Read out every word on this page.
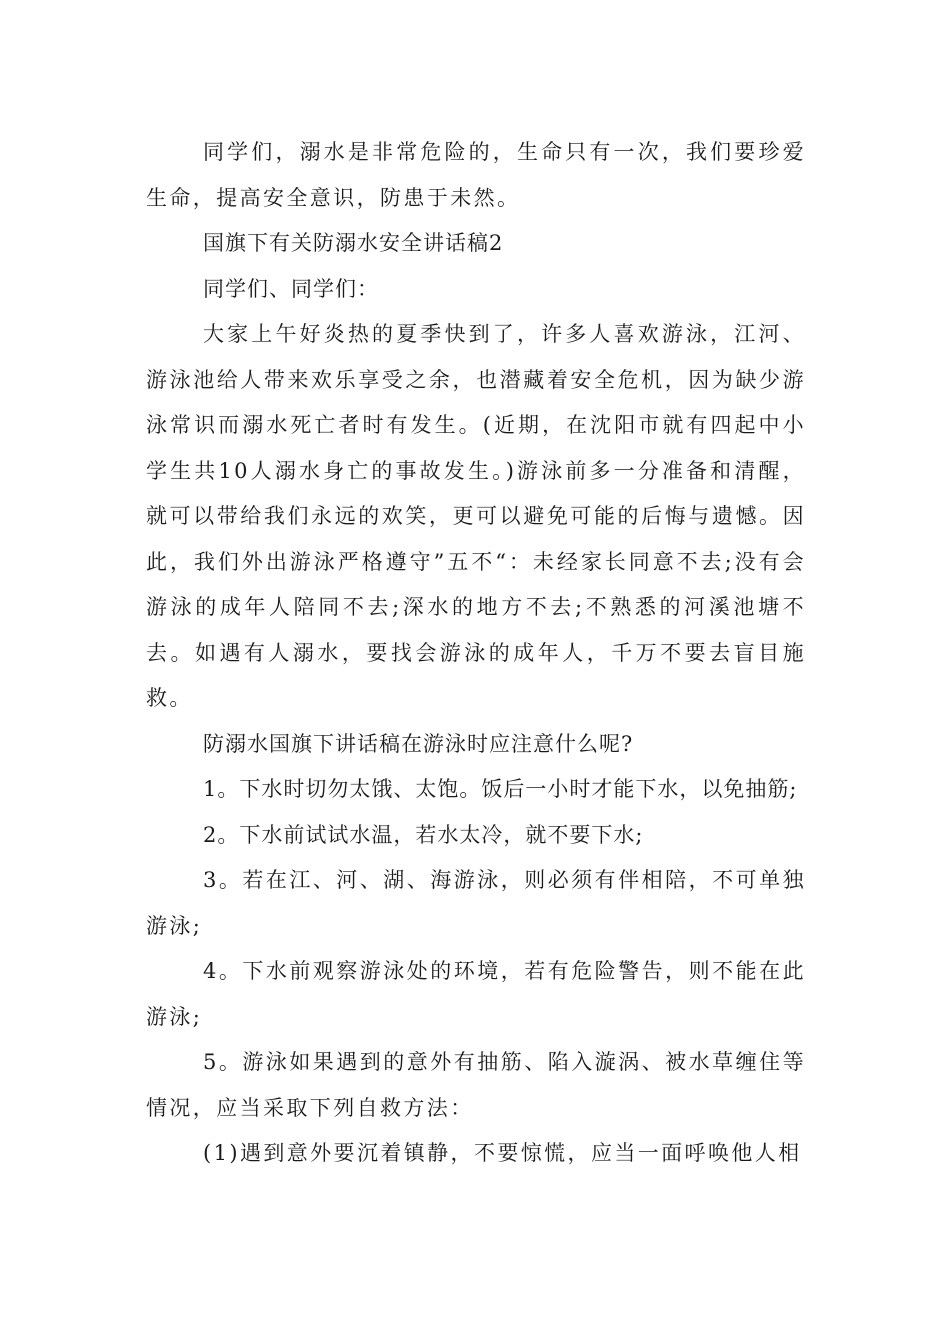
同学们，溺水是非常危险的，生命只有一次，我们要珍爱生命，提高安全意识，防患于未然。

国旗下有关防溺水安全讲话稿2

同学们、同学们：

大家上午好炎热的夏季快到了，许多人喜欢游泳，江河、游泳池给人带来欢乐享受之余，也潜藏着安全危机，因为缺少游泳常识而溺水死亡者时有发生。(近期，在沈阳市就有四起中小学生共10人溺水身亡的事故发生。)游泳前多一分准备和清醒，就可以带给我们永远的欢笑，更可以避免可能的后悔与遗憾。因此，我们外出游泳严格遵守”五不“：未经家长同意不去;没有会游泳的成年人陪同不去;深水的地方不去;不熟悉的河溪池塘不去。如遇有人溺水，要找会游泳的成年人，千万不要去盲目施救。

防溺水国旗下讲话稿在游泳时应注意什么呢?

1。下水时切勿太饿、太饱。饭后一小时才能下水，以免抽筋;

2。下水前试试水温，若水太冷，就不要下水;

3。若在江、河、湖、海游泳，则必须有伴相陪，不可单独游泳;

4。下水前观察游泳处的环境，若有危险警告，则不能在此游泳;

5。游泳如果遇到的意外有抽筋、陷入漩涡、被水草缠住等情况，应当采取下列自救方法：

(1)遇到意外要沉着镇静，不要惊慌，应当一面呼唤他人相
